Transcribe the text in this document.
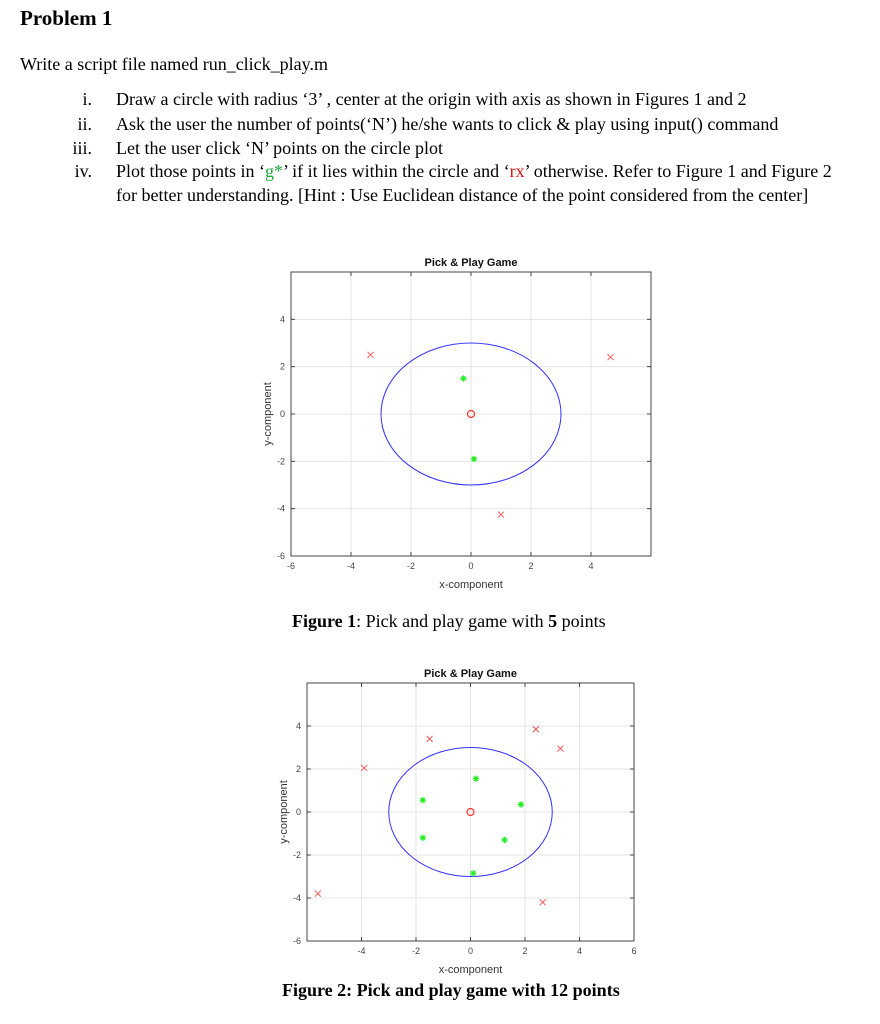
Problem 1
Write a script file named run_click_play.m
i. Draw a circle with radius ‘3’ , center at the origin with axis as shown in Figures 1 and 2
ii. Ask the user the number of points(‘N’) he/she wants to click & play using input() command
iii. Let the user click ‘N’ points on the circle plot
iv. Plot those points in ‘g*’ if it lies within the circle and ‘rx’ otherwise. Refer to Figure 1 and Figure 2 for better understanding. [Hint : Use Euclidean distance of the point considered from the center]
-6	-4	-2	0	2	4
-6
-4
-2
0
2
4
Pick & Play Game
x-component
y-component
-4	-2	0	2	4	6
-6
-4
-2
0
2
4
Pick & Play Game
x-component
y-component
Figure 1: Pick and play game with 5 points
Figure 2: Pick and play game with 12 points
